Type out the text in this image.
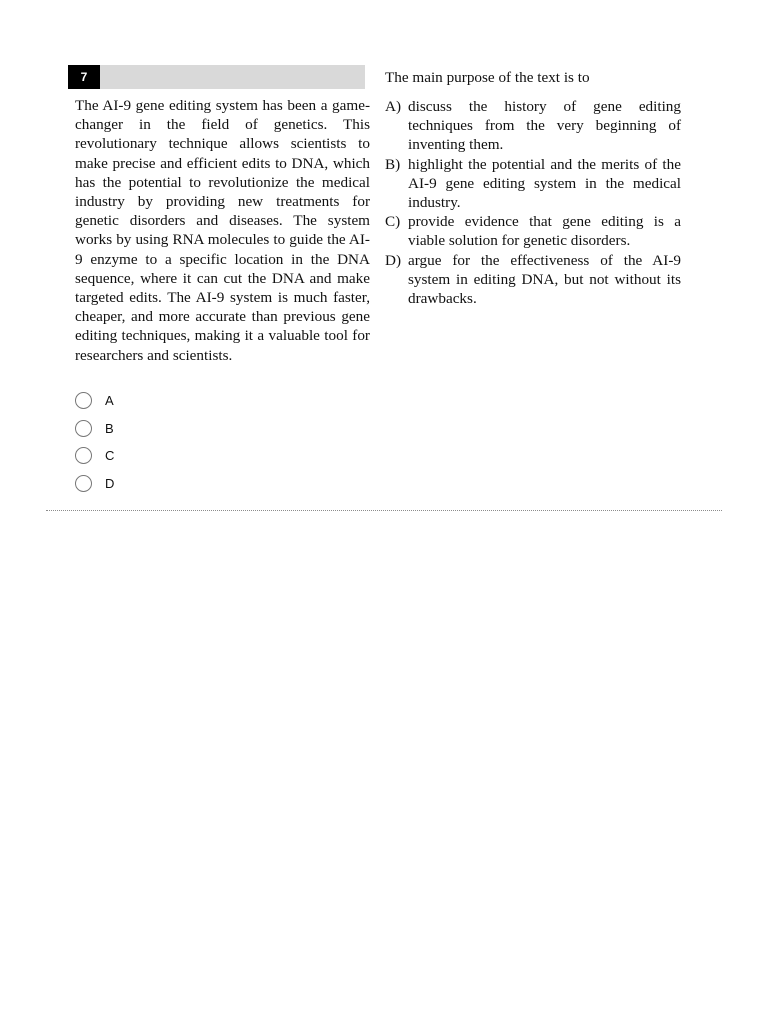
7

The AI-9 gene editing system has been a game-changer in the field of genetics. This revolutionary technique allows scientists to make precise and efficient edits to DNA, which has the potential to revolutionize the medical industry by providing new treatments for genetic disorders and diseases. The system works by using RNA molecules to guide the AI-9 enzyme to a specific location in the DNA sequence, where it can cut the DNA and make targeted edits. The AI-9 system is much faster, cheaper, and more accurate than previous gene editing techniques, making it a valuable tool for researchers and scientists.

The main purpose of the text is to

A) discuss the history of gene editing techniques from the very beginning of inventing them.
B) highlight the potential and the merits of the AI-9 gene editing system in the medical industry.
C) provide evidence that gene editing is a viable solution for genetic disorders.
D) argue for the effectiveness of the AI-9 system in editing DNA, but not without its drawbacks.
A
B
C
D
